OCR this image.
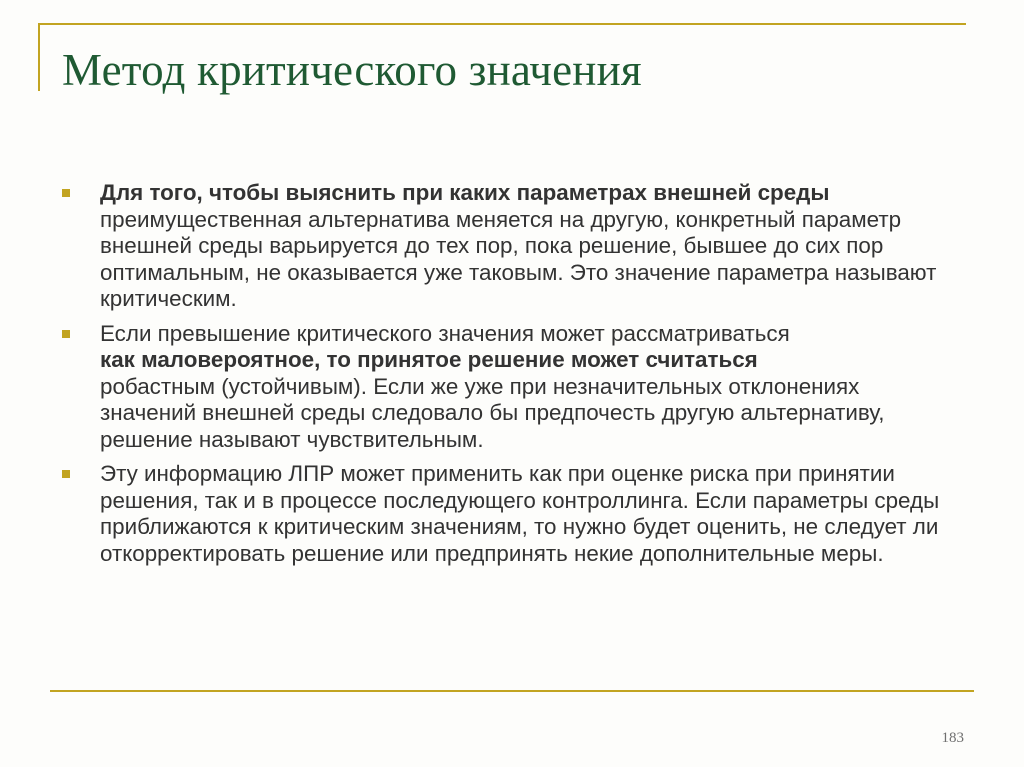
Метод критического значения
Для того, чтобы выяснить при каких параметрах внешней среды
преимущественная альтернатива меняется на другую, конкретный параметр внешней среды варьируется до тех пор, пока решение, бывшее до сих пор оптимальным, не оказывается уже таковым. Это значение параметра называют критическим.
Если превышение критического значения может рассматриваться
как маловероятное, то принятое решение может считаться
робастным (устойчивым). Если же уже при незначительных отклонениях значений внешней среды следовало бы предпочесть другую альтернативу, решение называют чувствительным.
Эту информацию ЛПР может применить как при оценке риска при принятии решения, так и в процессе последующего контроллинга. Если параметры среды приближаются к критическим значениям, то нужно будет оценить, не следует ли откорректировать решение или предпринять некие дополнительные меры.
183
